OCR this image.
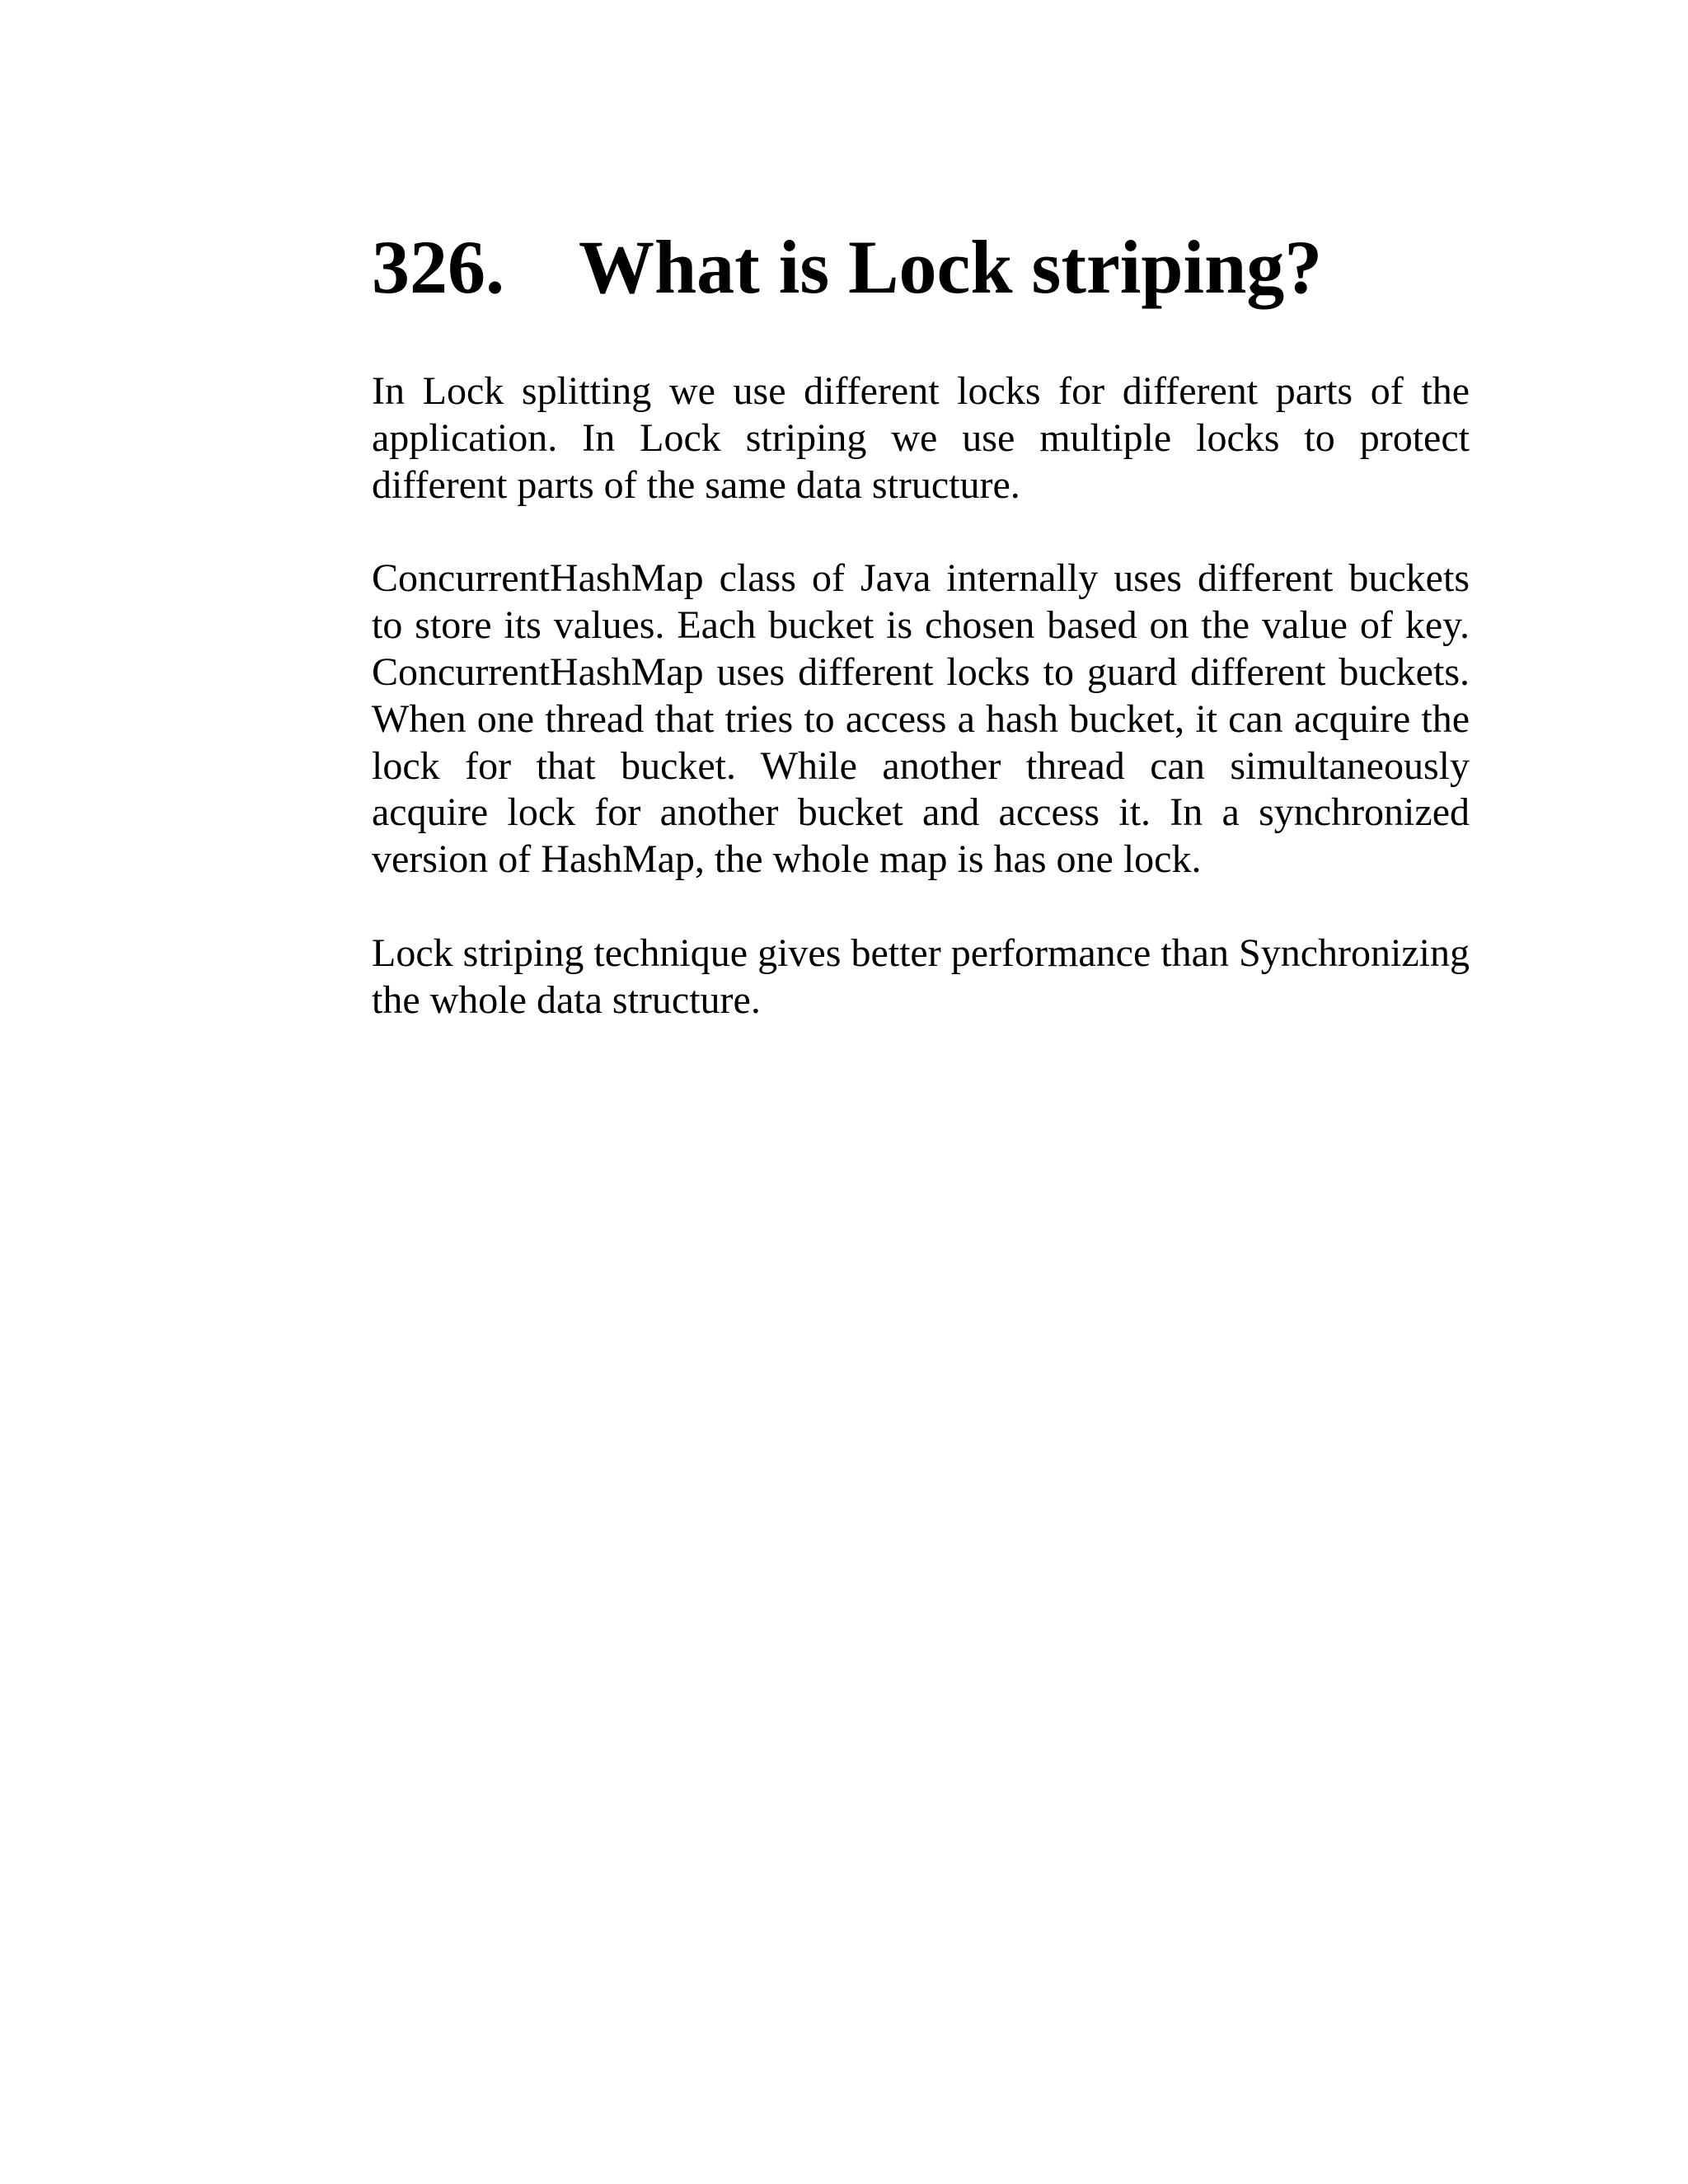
326. What is Lock striping?

In Lock splitting we use different locks for different parts of the application. In Lock striping we use multiple locks to protect different parts of the same data structure.

ConcurrentHashMap class of Java internally uses different buckets to store its values. Each bucket is chosen based on the value of key. ConcurrentHashMap uses different locks to guard different buckets. When one thread that tries to access a hash bucket, it can acquire the lock for that bucket. While another thread can simultaneously acquire lock for another bucket and access it. In a synchronized version of HashMap, the whole map is has one lock.

Lock striping technique gives better performance than Synchronizing the whole data structure.
